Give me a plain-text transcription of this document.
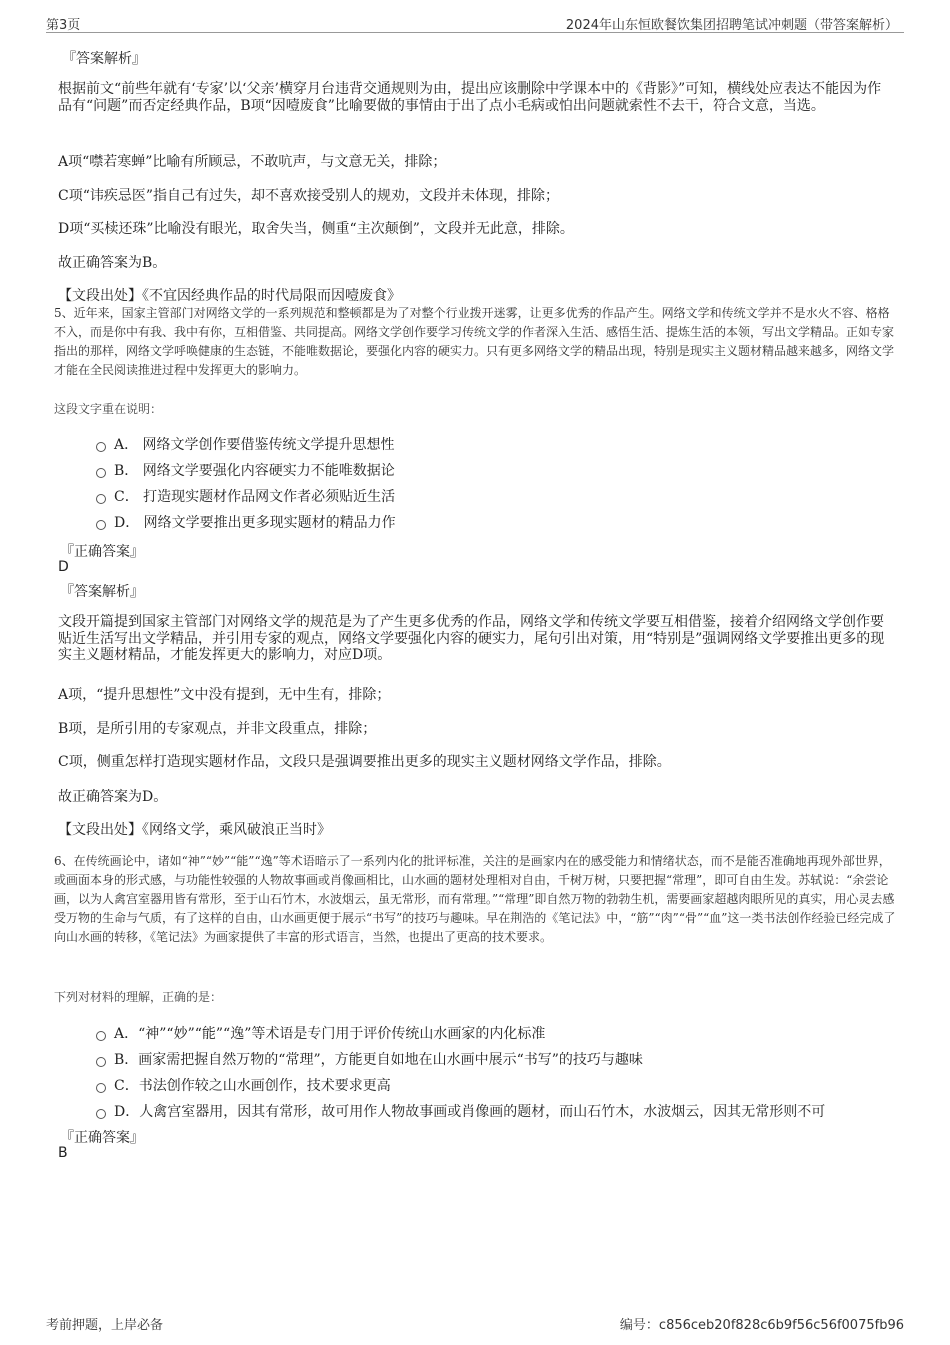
第3页	2024年山东恒欧餐饮集团招聘笔试冲刺题（带答案解析）
『答案解析』
根据前文“前些年就有‘专家’以‘父亲’横穿月台违背交通规则为由，提出应该删除中学课本中的《背影》”可知，横线处应表达不能因为作品有“问题”而否定经典作品，B项“因噎废食”比喻要做的事情由于出了点小毛病或怕出问题就索性不去干，符合文意，当选。
A项“噤若寒蝉”比喻有所顾忌，不敢吭声，与文意无关，排除；
C项“讳疾忌医”指自己有过失，却不喜欢接受别人的规劝，文段并未体现，排除；
D项“买椟还珠”比喻没有眼光，取舍失当，侧重“主次颠倒”，文段并无此意，排除。
故正确答案为B。
【文段出处】《不宜因经典作品的时代局限而因噎废食》
5、近年来，国家主管部门对网络文学的一系列规范和整顿都是为了对整个行业拨开迷雾，让更多优秀的作品产生。网络文学和传统文学并不是水火不容、格格不入，而是你中有我、我中有你，互相借鉴、共同提高。网络文学创作要学习传统文学的作者深入生活、感悟生活、提炼生活的本领，写出文学精品。正如专家指出的那样，网络文学呼唤健康的生态链，不能唯数据论，要强化内容的硬实力。只有更多网络文学的精品出现，特别是现实主义题材精品越来越多，网络文学才能在全民阅读推进过程中发挥更大的影响力。
这段文字重在说明：
A． 网络文学创作要借鉴传统文学提升思想性
B． 网络文学要强化内容硬实力不能唯数据论
C． 打造现实题材作品网文作者必须贴近生活
D． 网络文学要推出更多现实题材的精品力作
『正确答案』
D
『答案解析』
文段开篇提到国家主管部门对网络文学的规范是为了产生更多优秀的作品，网络文学和传统文学要互相借鉴，接着介绍网络文学创作要贴近生活写出文学精品，并引用专家的观点，网络文学要强化内容的硬实力，尾句引出对策，用“特别是”强调网络文学要推出更多的现实主义题材精品，才能发挥更大的影响力，对应D项。
A项，“提升思想性”文中没有提到，无中生有，排除；
B项，是所引用的专家观点，并非文段重点，排除；
C项，侧重怎样打造现实题材作品，文段只是强调要推出更多的现实主义题材网络文学作品，排除。
故正确答案为D。
【文段出处】《网络文学，乘风破浪正当时》
6、在传统画论中，诸如“神”“妙”“能”“逸”等术语暗示了一系列内化的批评标准，关注的是画家内在的感受能力和情绪状态，而不是能否准确地再现外部世界，或画面本身的形式感，与功能性较强的人物故事画或肖像画相比，山水画的题材处理相对自由，千树万树，只要把握“常理”，即可自由生发。苏轼说：“余尝论画，以为人禽宫室器用皆有常形，至于山石竹木，水波烟云，虽无常形，而有常理。”“常理”即自然万物的勃勃生机，需要画家超越肉眼所见的真实，用心灵去感受万物的生命与气质，有了这样的自由，山水画更便于展示“书写”的技巧与趣味。早在荆浩的《笔记法》中，“筋”“肉”“骨”“血”这一类书法创作经验已经完成了向山水画的转移，《笔记法》为画家提供了丰富的形式语言，当然，也提出了更高的技术要求。
下列对材料的理解，正确的是：
A．“神”“妙”“能”“逸”等术语是专门用于评价传统山水画家的内化标准
B．画家需把握自然万物的“常理”，方能更自如地在山水画中展示“书写”的技巧与趣味
C．书法创作较之山水画创作，技术要求更高
D．人禽宫室器用，因其有常形，故可用作人物故事画或肖像画的题材，而山石竹木，水波烟云，因其无常形则不可
『正确答案』
B
考前押题，上岸必备	编号：c856ceb20f828c6b9f56c56f0075fb96
